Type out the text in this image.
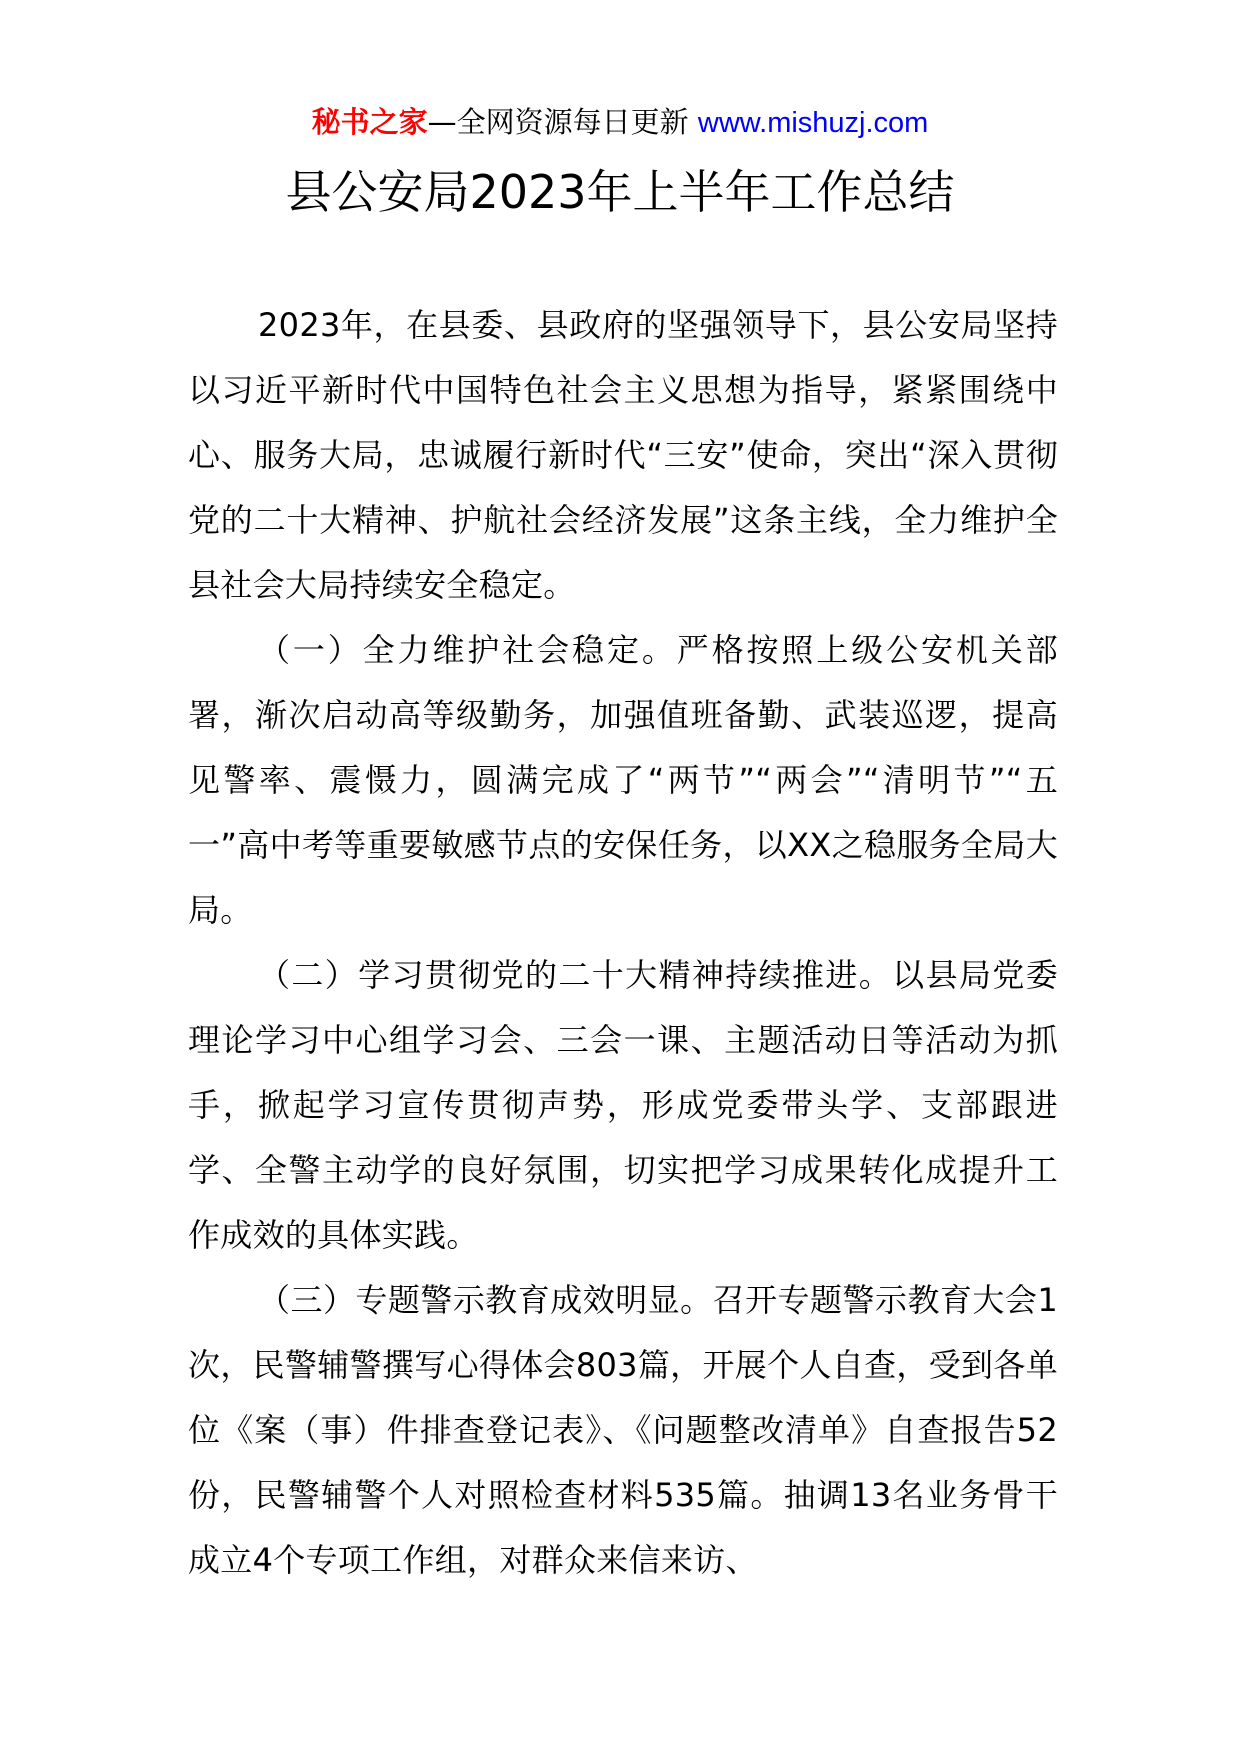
秘书之家—全网资源每日更新 www.mishuzj.com
县公安局2023年上半年工作总结

2023年，在县委、县政府的坚强领导下，县公安局坚持以习近平新时代中国特色社会主义思想为指导，紧紧围绕中心、服务大局，忠诚履行新时代“三安”使命，突出“深入贯彻党的二十大精神、护航社会经济发展”这条主线，全力维护全县社会大局持续安全稳定。

（一）全力维护社会稳定。严格按照上级公安机关部署，渐次启动高等级勤务，加强值班备勤、武装巡逻，提高见警率、震慑力，圆满完成了“两节”“两会”“清明节”“五一”高中考等重要敏感节点的安保任务，以XX之稳服务全局大局。

（二）学习贯彻党的二十大精神持续推进。以县局党委理论学习中心组学习会、三会一课、主题活动日等活动为抓手，掀起学习宣传贯彻声势，形成党委带头学、支部跟进学、全警主动学的良好氛围，切实把学习成果转化成提升工作成效的具体实践。

（三）专题警示教育成效明显。召开专题警示教育大会1次，民警辅警撰写心得体会803篇，开展个人自查，受到各单位《案（事）件排查登记表》、《问题整改清单》自查报告52份，民警辅警个人对照检查材料535篇。抽调13名业务骨干成立4个专项工作组，对群众来信来访、
